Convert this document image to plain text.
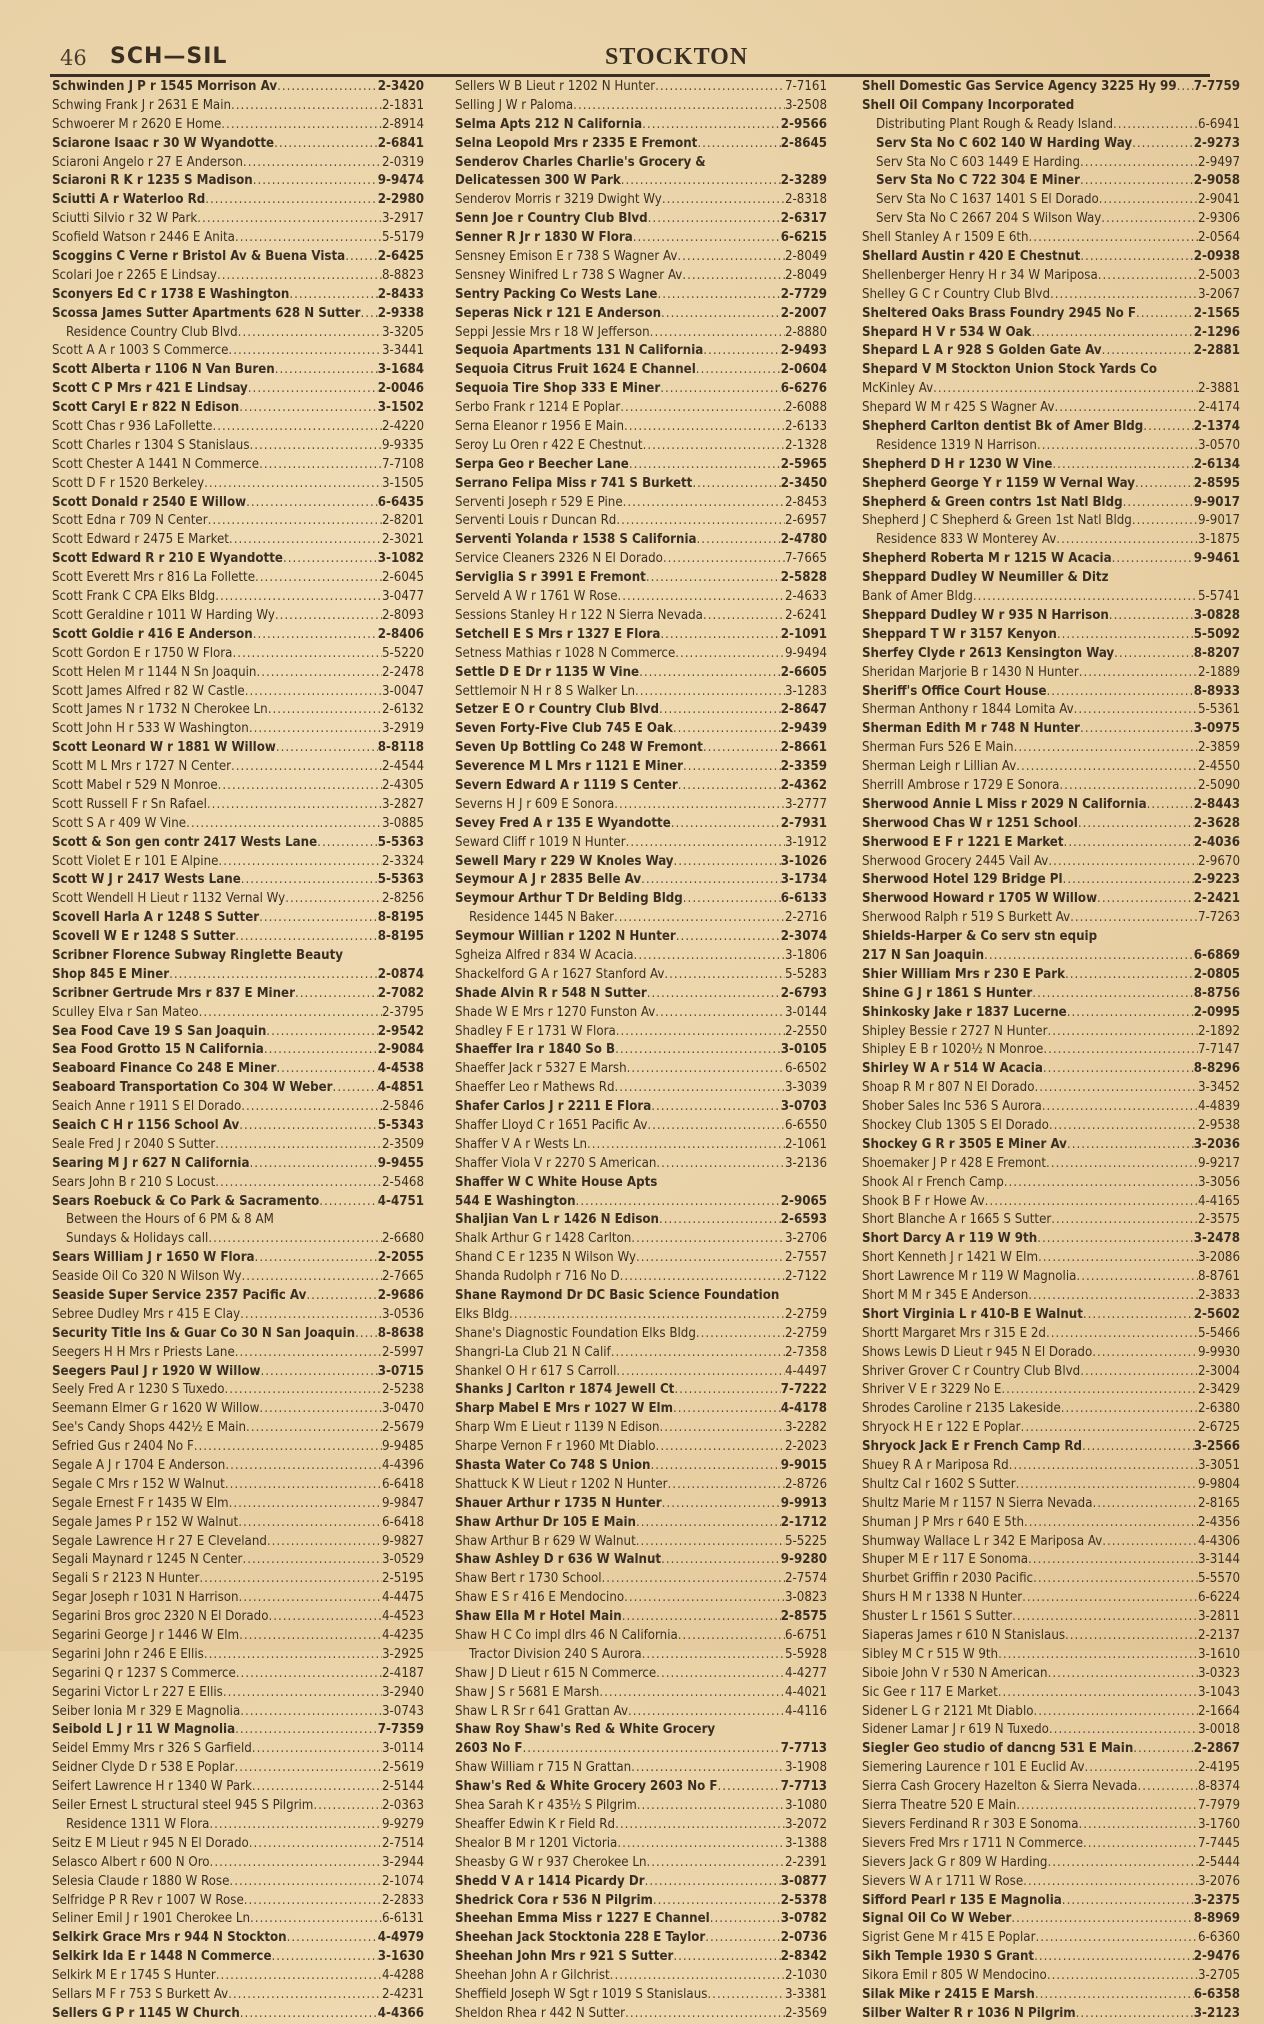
46 SCH—SIL	STOCKTON
Schwinden J P r 1545 Morrison Av .....	2-3420
Schwing Frank J r 2631 E Main .....	2-1831
Schwoerer M r 2620 E Home .....	2-8914
Sciarone Isaac r 30 W Wyandotte .....	2-6841
Sciaroni Angelo r 27 E Anderson .....	2-0319
Sciaroni R K r 1235 S Madison .....	9-9474
Sciutti A r Waterloo Rd .....	2-2980
Sciutti Silvio r 32 W Park .....	3-2917
Scofield Watson r 2446 E Anita .....	5-5179
Scoggins C Verne r Bristol Av & Buena Vista ..... 2-6425
Scolari Joe r 2265 E Lindsay .....	8-8823
Sconyers Ed C r 1738 E Washington .....	2-8433
Scossa James Sutter Apartments 628 N Sutter ..... 2-9338
Residence Country Club Blvd .....	3-3205
Scott A A r 1003 S Commerce .....	3-3441
Scott Alberta r 1106 N Van Buren .....	3-1684
Scott C P Mrs r 421 E Lindsay .....	2-0046
Scott Caryl E r 822 N Edison .....	3-1502
Scott Chas r 936 LaFollette .....	2-4220
Scott Charles r 1304 S Stanislaus .....	9-9335
Scott Chester A 1441 N Commerce .....	7-7108
Scott D F r 1520 Berkeley .....	3-1505
Scott Donald r 2540 E Willow .....	6-6435
Scott Edna r 709 N Center .....	2-8201
Scott Edward r 2475 E Market .....	2-3021
Scott Edward R r 210 E Wyandotte .....	3-1082
Scott Everett Mrs r 816 La Follette .....	2-6045
Scott Frank C CPA Elks Bldg .....	3-0477
Scott Geraldine r 1011 W Harding Wy .....	2-8093
Scott Goldie r 416 E Anderson .....	2-8406
Scott Gordon E r 1750 W Flora .....	5-5220
Scott Helen M r 1144 N Sn Joaquin .....	2-2478
Scott James Alfred r 82 W Castle .....	3-0047
Scott James N r 1732 N Cherokee Ln .....	2-6132
Scott John H r 533 W Washington .....	3-2919
Scott Leonard W r 1881 W Willow .....	8-8118
Scott M L Mrs r 1727 N Center .....	2-4544
Scott Mabel r 529 N Monroe .....	2-4305
Scott Russell F r Sn Rafael .....	3-2827
Scott S A r 409 W Vine .....	3-0885
Scott & Son gen contr 2417 Wests Lane .....	5-5363
Scott Violet E r 101 E Alpine .....	2-3324
Scott W J r 2417 Wests Lane .....	5-5363
Scott Wendell H Lieut r 1132 Vernal Wy .....	2-8256
Scovell Harla A r 1248 S Sutter .....	8-8195
Scovell W E r 1248 S Sutter .....	8-8195
Scribner Florence Subway Ringlette Beauty
Shop 845 E Miner .....	2-0874
Scribner Gertrude Mrs r 837 E Miner .....	2-7082
Sculley Elva r San Mateo .....	2-3795
Sea Food Cave 19 S San Joaquin .....	2-9542
Sea Food Grotto 15 N California .....	2-9084
Seaboard Finance Co 248 E Miner .....	4-4538
Seaboard Transportation Co 304 W Weber .....	4-4851
Seaich Anne r 1911 S El Dorado .....	2-5846
Seaich C H r 1156 School Av .....	5-5343
Seale Fred J r 2040 S Sutter .....	2-3509
Searing M J r 627 N California .....	9-9455
Sears John B r 210 S Locust .....	2-5468
Sears Roebuck & Co Park & Sacramento .....	4-4751
Between the Hours of 6 PM & 8 AM
Sundays & Holidays call .....	2-6680
Sears William J r 1650 W Flora .....	2-2055
Seaside Oil Co 320 N Wilson Wy .....	2-7665
Seaside Super Service 2357 Pacific Av .....	2-9686
Sebree Dudley Mrs r 415 E Clay .....	3-0536
Security Title Ins & Guar Co 30 N San Joaquin ..... 8-8638
Seegers H H Mrs r Priests Lane .....	2-5997
Seegers Paul J r 1920 W Willow .....	3-0715
Seely Fred A r 1230 S Tuxedo .....	2-5238
Seemann Elmer G r 1620 W Willow .....	3-0470
See's Candy Shops 442½ E Main .....	2-5679
Sefried Gus r 2404 No F .....	9-9485
Segale A J r 1704 E Anderson .....	4-4396
Segale C Mrs r 152 W Walnut .....	6-6418
Segale Ernest F r 1435 W Elm .....	9-9847
Segale James P r 152 W Walnut .....	6-6418
Segale Lawrence H r 27 E Cleveland .....	9-9827
Segali Maynard r 1245 N Center .....	3-0529
Segali S r 2123 N Hunter .....	2-5195
Segar Joseph r 1031 N Harrison .....	4-4475
Segarini Bros groc 2320 N El Dorado .....	4-4523
Segarini George J r 1446 W Elm .....	4-4235
Segarini John r 246 E Ellis .....	3-2925
Segarini Q r 1237 S Commerce .....	2-4187
Segarini Victor L r 227 E Ellis .....	3-2940
Seiber Ionia M r 329 E Magnolia .....	3-0743
Seibold L J r 11 W Magnolia .....	7-7359
Seidel Emmy Mrs r 326 S Garfield .....	3-0114
Seidner Clyde D r 538 E Poplar .....	2-5619
Seifert Lawrence H r 1340 W Park .....	2-5144
Seiler Ernest L structural steel 945 S Pilgrim .....	2-0363
Residence 1311 W Flora .....	9-9279
Seitz E M Lieut r 945 N El Dorado .....	2-7514
Selasco Albert r 600 N Oro .....	3-2944
Selesia Claude r 1880 W Rose .....	2-1074
Selfridge P R Rev r 1007 W Rose .....	2-2833
Seliner Emil J r 1901 Cherokee Ln .....	6-6131
Selkirk Grace Mrs r 944 N Stockton .....	4-4979
Selkirk Ida E r 1448 N Commerce .....	3-1630
Selkirk M E r 1745 S Hunter .....	4-4288
Sellars M F r 753 S Burkett Av .....	2-4231
Sellers G P r 1145 W Church .....	4-4366
Sellers W B Lieut r 1202 N Hunter .....	7-7161
Selling J W r Paloma .....	3-2508
Selma Apts 212 N California .....	2-9566
Selna Leopold Mrs r 2335 E Fremont .....	2-8645
Senderov Charles Charlie's Grocery &
Delicatessen 300 W Park .....	2-3289
Senderov Morris r 3219 Dwight Wy .....	2-8318
Senn Joe r Country Club Blvd .....	2-6317
Senner R Jr r 1830 W Flora .....	6-6215
Sensney Emison E r 738 S Wagner Av .....	2-8049
Sensney Winifred L r 738 S Wagner Av .....	2-8049
Sentry Packing Co Wests Lane .....	2-7729
Seperas Nick r 121 E Anderson .....	2-2007
Seppi Jessie Mrs r 18 W Jefferson .....	2-8880
Sequoia Apartments 131 N California .....	2-9493
Sequoia Citrus Fruit 1624 E Channel .....	2-0604
Sequoia Tire Shop 333 E Miner .....	6-6276
Serbo Frank r 1214 E Poplar .....	2-6088
Serna Eleanor r 1956 E Main .....	2-6133
Seroy Lu Oren r 422 E Chestnut .....	2-1328
Serpa Geo r Beecher Lane .....	2-5965
Serrano Felipa Miss r 741 S Burkett .....	2-3450
Serventi Joseph r 529 E Pine .....	2-8453
Serventi Louis r Duncan Rd .....	2-6957
Serventi Yolanda r 1538 S California .....	2-4780
Service Cleaners 2326 N El Dorado .....	7-7665
Serviglia S r 3991 E Fremont .....	2-5828
Serveld A W r 1761 W Rose .....	2-4633
Sessions Stanley H r 122 N Sierra Nevada .....	2-6241
Setchell E S Mrs r 1327 E Flora .....	2-1091
Setness Mathias r 1028 N Commerce .....	9-9494
Settle D E Dr r 1135 W Vine .....	2-6605
Settlemoir N H r 8 S Walker Ln .....	3-1283
Setzer E O r Country Club Blvd .....	2-8647
Seven Forty-Five Club 745 E Oak .....	2-9439
Seven Up Bottling Co 248 W Fremont .....	2-8661
Severence M L Mrs r 1121 E Miner .....	2-3359
Severn Edward A r 1119 S Center .....	2-4362
Severns H J r 609 E Sonora .....	3-2777
Sevey Fred A r 135 E Wyandotte .....	2-7931
Seward Cliff r 1019 N Hunter .....	3-1912
Sewell Mary r 229 W Knoles Way .....	3-1026
Seymour A J r 2835 Belle Av .....	3-1734
Seymour Arthur T Dr Belding Bldg .....	6-6133
Residence 1445 N Baker .....	2-2716
Seymour Willian r 1202 N Hunter .....	2-3074
Sgheiza Alfred r 834 W Acacia .....	3-1806
Shackelford G A r 1627 Stanford Av .....	5-5283
Shade Alvin R r 548 N Sutter .....	2-6793
Shade W E Mrs r 1270 Funston Av .....	3-0144
Shadley F E r 1731 W Flora .....	2-2550
Shaeffer Ira r 1840 So B .....	3-0105
Shaeffer Jack r 5327 E Marsh .....	6-6502
Shaeffer Leo r Mathews Rd .....	3-3039
Shafer Carlos J r 2211 E Flora .....	3-0703
Shaffer Lloyd C r 1651 Pacific Av .....	6-6550
Shaffer V A r Wests Ln .....	2-1061
Shaffer Viola V r 2270 S American .....	3-2136
Shaffer W C White House Apts
544 E Washington .....	2-9065
Shaljian Van L r 1426 N Edison .....	2-6593
Shalk Arthur G r 1428 Carlton .....	3-2706
Shand C E r 1235 N Wilson Wy .....	2-7557
Shanda Rudolph r 716 No D .....	2-7122
Shane Raymond Dr DC Basic Science Foundation
Elks Bldg .....	2-2759
Shane's Diagnostic Foundation Elks Bldg .....	2-2759
Shangri-La Club 21 N Calif .....	2-7358
Shankel O H r 617 S Carroll .....	4-4497
Shanks J Carlton r 1874 Jewell Ct .....	7-7222
Sharp Mabel E Mrs r 1027 W Elm .....	4-4178
Sharp Wm E Lieut r 1139 N Edison .....	3-2282
Sharpe Vernon F r 1960 Mt Diablo .....	2-2023
Shasta Water Co 748 S Union .....	9-9015
Shattuck K W Lieut r 1202 N Hunter .....	2-8726
Shauer Arthur r 1735 N Hunter .....	9-9913
Shaw Arthur Dr 105 E Main .....	2-1712
Shaw Arthur B r 629 W Walnut .....	5-5225
Shaw Ashley D r 636 W Walnut .....	9-9280
Shaw Bert r 1730 School .....	2-7574
Shaw E S r 416 E Mendocino .....	3-0823
Shaw Ella M r Hotel Main .....	2-8575
Shaw H C Co impl dlrs 46 N California .....	6-6751
Tractor Division 240 S Aurora .....	5-5928
Shaw J D Lieut r 615 N Commerce .....	4-4277
Shaw J S r 5681 E Marsh .....	4-4021
Shaw L R Sr r 641 Grattan Av .....	4-4116
Shaw Roy Shaw's Red & White Grocery
2603 No F .....	7-7713
Shaw William r 715 N Grattan .....	3-1908
Shaw's Red & White Grocery 2603 No F .....	7-7713
Shea Sarah K r 435½ S Pilgrim .....	3-1080
Sheaffer Edwin K r Field Rd .....	3-2072
Shealor B M r 1201 Victoria .....	3-1388
Sheasby G W r 937 Cherokee Ln .....	2-2391
Shedd V A r 1414 Picardy Dr .....	3-0877
Shedrick Cora r 536 N Pilgrim .....	2-5378
Sheehan Emma Miss r 1227 E Channel .....	3-0782
Sheehan Jack Stocktonia 228 E Taylor .....	2-0736
Sheehan John Mrs r 921 S Sutter .....	2-8342
Sheehan John A r Gilchrist .....	2-1030
Sheffield Joseph W Sgt r 1019 S Stanislaus .....	3-3381
Sheldon Rhea r 442 N Sutter .....	2-3569
Shell Domestic Gas Service Agency 3225 Hy 99 ..... 7-7759
Shell Oil Company Incorporated
Distributing Plant Rough & Ready Island .....	6-6941
Serv Sta No C 602 140 W Harding Way .....	2-9273
Serv Sta No C 603 1449 E Harding .....	2-9497
Serv Sta No C 722 304 E Miner .....	2-9058
Serv Sta No C 1637 1401 S El Dorado .....	2-9041
Serv Sta No C 2667 204 S Wilson Way .....	2-9306
Shell Stanley A r 1509 E 6th .....	2-0564
Shellard Austin r 420 E Chestnut .....	2-0938
Shellenberger Henry H r 34 W Mariposa .....	2-5003
Shelley G C r Country Club Blvd .....	3-2067
Sheltered Oaks Brass Foundry 2945 No F .....	2-1565
Shepard H V r 534 W Oak .....	2-1296
Shepard L A r 928 S Golden Gate Av .....	2-2881
Shepard V M Stockton Union Stock Yards Co
McKinley Av .....	2-3881
Shepard W M r 425 S Wagner Av .....	2-4174
Shepherd Carlton dentist Bk of Amer Bldg .....	2-1374
Residence 1319 N Harrison .....	3-0570
Shepherd D H r 1230 W Vine .....	2-6134
Shepherd George Y r 1159 W Vernal Way .....	2-8595
Shepherd & Green contrs 1st Natl Bldg .....	9-9017
Shepherd J C Shepherd & Green 1st Natl Bldg .....	9-9017
Residence 833 W Monterey Av .....	3-1875
Shepherd Roberta M r 1215 W Acacia .....	9-9461
Sheppard Dudley W Neumiller & Ditz
Bank of Amer Bldg .....	5-5741
Sheppard Dudley W r 935 N Harrison .....	3-0828
Sheppard T W r 3157 Kenyon .....	5-5092
Sherfey Clyde r 2613 Kensington Way .....	8-8207
Sheridan Marjorie B r 1430 N Hunter .....	2-1889
Sheriff's Office Court House .....	8-8933
Sherman Anthony r 1844 Lomita Av .....	5-5361
Sherman Edith M r 748 N Hunter .....	3-0975
Sherman Furs 526 E Main .....	2-3859
Sherman Leigh r Lillian Av .....	2-4550
Sherrill Ambrose r 1729 E Sonora .....	2-5090
Sherwood Annie L Miss r 2029 N California .....	2-8443
Sherwood Chas W r 1251 School .....	2-3628
Sherwood E F r 1221 E Market .....	2-4036
Sherwood Grocery 2445 Vail Av .....	2-9670
Sherwood Hotel 129 Bridge Pl .....	2-9223
Sherwood Howard r 1705 W Willow .....	2-2421
Sherwood Ralph r 519 S Burkett Av .....	7-7263
Shields-Harper & Co serv stn equip
217 N San Joaquin .....	6-6869
Shier William Mrs r 230 E Park .....	2-0805
Shine G J r 1861 S Hunter .....	8-8756
Shinkosky Jake r 1837 Lucerne .....	2-0995
Shipley Bessie r 2727 N Hunter .....	2-1892
Shipley E B r 1020½ N Monroe .....	7-7147
Shirley W A r 514 W Acacia .....	8-8296
Shoap R M r 807 N El Dorado .....	3-3452
Shober Sales Inc 536 S Aurora .....	4-4839
Shockey Club 1305 S El Dorado .....	2-9538
Shockey G R r 3505 E Miner Av .....	3-2036
Shoemaker J P r 428 E Fremont .....	9-9217
Shook Al r French Camp .....	3-3056
Shook B F r Howe Av .....	4-4165
Short Blanche A r 1665 S Sutter .....	2-3575
Short Darcy A r 119 W 9th .....	3-2478
Short Kenneth J r 1421 W Elm .....	3-2086
Short Lawrence M r 119 W Magnolia .....	8-8761
Short M M r 345 E Anderson .....	2-3833
Short Virginia L r 410-B E Walnut .....	2-5602
Shortt Margaret Mrs r 315 E 2d .....	5-5466
Shows Lewis D Lieut r 945 N El Dorado .....	9-9930
Shriver Grover C r Country Club Blvd .....	2-3004
Shriver V E r 3229 No E .....	2-3429
Shrodes Caroline r 2135 Lakeside .....	2-6380
Shryock H E r 122 E Poplar .....	2-6725
Shryock Jack E r French Camp Rd .....	3-2566
Shuey R A r Mariposa Rd .....	3-3051
Shultz Cal r 1602 S Sutter .....	9-9804
Shultz Marie M r 1157 N Sierra Nevada .....	2-8165
Shuman J P Mrs r 640 E 5th .....	2-4356
Shumway Wallace L r 342 E Mariposa Av .....	4-4306
Shuper M E r 117 E Sonoma .....	3-3144
Shurbet Griffin r 2030 Pacific .....	5-5570
Shurs H M r 1338 N Hunter .....	6-6224
Shuster L r 1561 S Sutter .....	3-2811
Siaperas James r 610 N Stanislaus .....	2-2137
Sibley M C r 515 W 9th .....	3-1610
Siboie John V r 530 N American .....	3-0323
Sic Gee r 117 E Market .....	3-1043
Sidener L G r 2121 Mt Diablo .....	2-1664
Sidener Lamar J r 619 N Tuxedo .....	3-0018
Siegler Geo studio of dancng 531 E Main .....	2-2867
Siemering Laurence r 101 E Euclid Av .....	2-4195
Sierra Cash Grocery Hazelton & Sierra Nevada .....	8-8374
Sierra Theatre 520 E Main .....	7-7979
Sievers Ferdinand R r 303 E Sonoma .....	3-1760
Sievers Fred Mrs r 1711 N Commerce .....	7-7445
Sievers Jack G r 809 W Harding .....	2-5444
Sievers W A r 1711 W Rose .....	3-2076
Sifford Pearl r 135 E Magnolia .....	3-2375
Signal Oil Co W Weber .....	8-8969
Sigrist Gene M r 415 E Poplar .....	6-6360
Sikh Temple 1930 S Grant .....	2-9476
Sikora Emil r 805 W Mendocino .....	3-2705
Silak Mike r 2415 E Marsh .....	6-6358
Silber Walter R r 1036 N Pilgrim .....	3-2123
